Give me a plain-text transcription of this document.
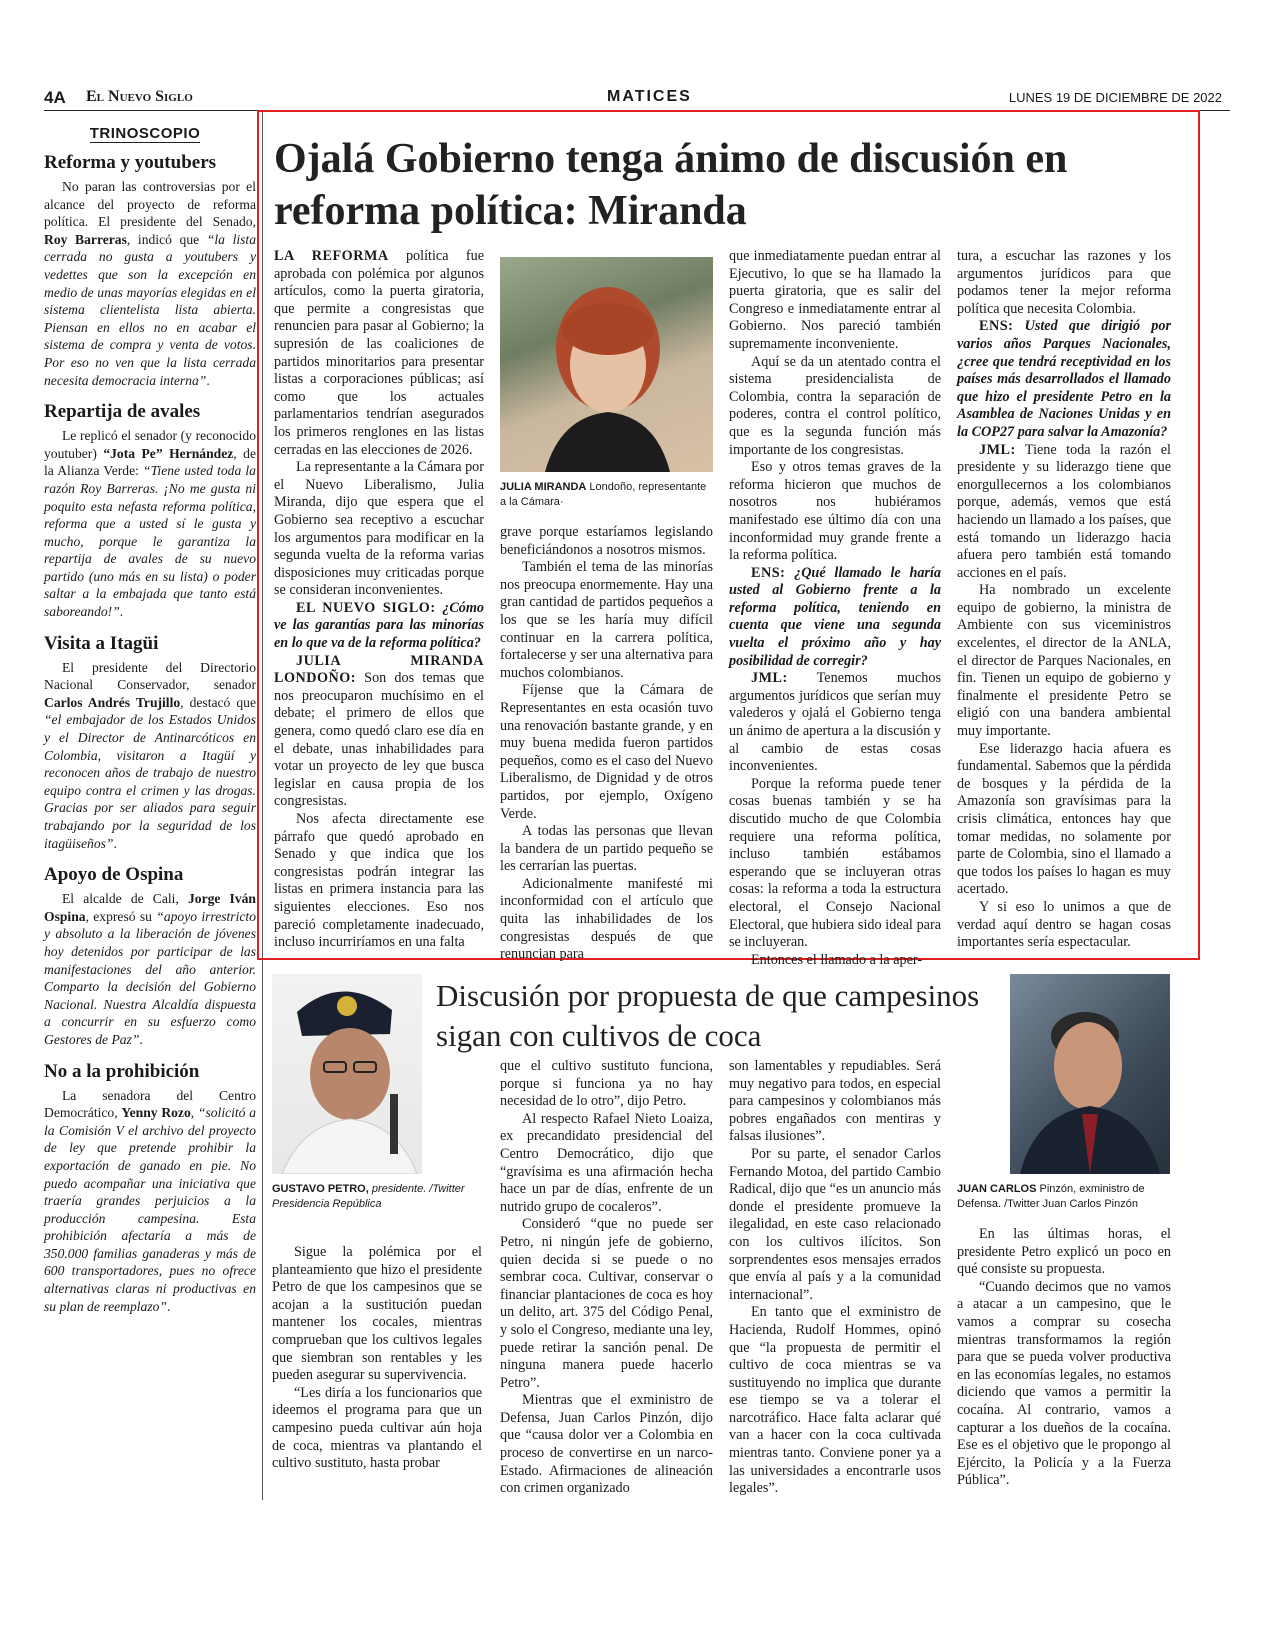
4A El Nuevo Siglo	MATICES	LUNES 19 DE DICIEMBRE DE 2022
TRINOSCOPIO
Reforma y youtubers

No paran las controversias por el alcance del proyecto de reforma política. El presidente del Senado, Roy Barreras, indicó que “la lista cerrada no gusta a youtubers y vedettes que son la excepción en medio de unas mayorías elegidas en el sistema clientelista lista abierta. Piensan en ellos no en acabar el sistema de compra y venta de votos. Por eso no ven que la lista cerrada necesita democracia interna”.

Repartija de avales

Le replicó el senador (y reconocido youtuber) “Jota Pe” Hernández, de la Alianza Verde: “Tiene usted toda la razón Roy Barreras. ¡No me gusta ni poquito esta nefasta reforma política, reforma que a usted sí le gusta y mucho, porque le garantiza la repartija de avales de su nuevo partido (uno más en su lista) o poder saltar a la embajada que tanto está saboreando!”.

Visita a Itagüi

El presidente del Directorio Nacional Conservador, senador Carlos Andrés Trujillo, destacó que “el embajador de los Estados Unidos y el Director de Antinarcóticos en Colombia, visitaron a Itagüí y reconocen años de trabajo de nuestro equipo contra el crimen y las drogas. Gracias por ser aliados para seguir trabajando por la seguridad de los itagüiseños”.

Apoyo de Ospina

El alcalde de Cali, Jorge Iván Ospina, expresó su “apoyo irrestricto y absoluto a la liberación de jóvenes hoy detenidos por participar de las manifestaciones del año anterior. Comparto la decisión del Gobierno Nacional. Nuestra Alcaldía dispuesta a concurrir en su esfuerzo como Gestores de Paz”.

No a la prohibición

La senadora del Centro Democrático, Yenny Rozo, “solicitó a la Comisión V el archivo del proyecto de ley que pretende prohibir la exportación de ganado en pie. No puedo acompañar una iniciativa que traería grandes perjuicios a la producción campesina. Esta prohibición afectaría a más de 350.000 familias ganaderas y más de 600 transportadores, pues no ofrece alternativas claras ni productivas en su plan de reemplazo”.

Ojalá Gobierno tenga ánimo de discusión en reforma política: Miranda

LA REFORMA política fue aprobada con polémica por algunos artículos, como la puerta giratoria, que permite a congresistas que renuncien para pasar al Gobierno; la supresión de las coaliciones de partidos minoritarios para presentar listas a corporaciones públicas; así como que los actuales parlamentarios tendrían asegurados los primeros renglones en las listas cerradas en las elecciones de 2026.

La representante a la Cámara por el Nuevo Liberalismo, Julia Miranda, dijo que espera que el Gobierno sea receptivo a escuchar los argumentos para modificar en la segunda vuelta de la reforma varias disposiciones muy criticadas porque se consideran inconvenientes.

EL NUEVO SIGLO: ¿Cómo ve las garantías para las minorías en lo que va de la reforma política?

JULIA MIRANDA LONDOÑO: Son dos temas que nos preocuparon muchísimo en el debate; el primero de ellos que genera, como quedó claro ese día en el debate, unas inhabilidades para votar un proyecto de ley que busca legislar en causa propia de los congresistas.

Nos afecta directamente ese párrafo que quedó aprobado en Senado y que indica que los congresistas podrán integrar las listas en primera instancia para las siguientes elecciones. Eso nos pareció completamente inadecuado, incluso incurriríamos en una falta

JULIA MIRANDA Londoño, representante a la Cámara·

grave porque estaríamos legislando beneficiándonos a nosotros mismos.

También el tema de las minorías nos preocupa enormemente. Hay una gran cantidad de partidos pequeños a los que se les haría muy difícil continuar en la carrera política, fortalecerse y ser una alternativa para muchos colombianos.

Fíjense que la Cámara de Representantes en esta ocasión tuvo una renovación bastante grande, y en muy buena medida fueron partidos pequeños, como es el caso del Nuevo Liberalismo, de Dignidad y de otros partidos, por ejemplo, Oxígeno Verde.

A todas las personas que llevan la bandera de un partido pequeño se les cerrarían las puertas.

Adicionalmente manifesté mi inconformidad con el artículo que quita las inhabilidades de los congresistas después de que renuncian para

que inmediatamente puedan entrar al Ejecutivo, lo que se ha llamado la puerta giratoria, que es salir del Congreso e inmediatamente entrar al Gobierno. Nos pareció también supremamente inconveniente.

Aquí se da un atentado contra el sistema presidencialista de Colombia, contra la separación de poderes, contra el control político, que es la segunda función más importante de los congresistas.

Eso y otros temas graves de la reforma hicieron que muchos de nosotros nos hubiéramos manifestado ese último día con una inconformidad muy grande frente a la reforma política.

ENS: ¿Qué llamado le haría usted al Gobierno frente a la reforma política, teniendo en cuenta que viene una segunda vuelta el próximo año y hay posibilidad de corregir?

JML: Tenemos muchos argumentos jurídicos que serían muy valederos y ojalá el Gobierno tenga un ánimo de apertura a la discusión y al cambio de estas cosas inconvenientes.

Porque la reforma puede tener cosas buenas también y se ha discutido mucho de que Colombia requiere una reforma política, incluso también estábamos esperando que se incluyeran otras cosas: la reforma a toda la estructura electoral, el Consejo Nacional Electoral, que hubiera sido ideal para se incluyeran.

Entonces el llamado a la aper-

tura, a escuchar las razones y los argumentos jurídicos para que podamos tener la mejor reforma política que necesita Colombia.

ENS: Usted que dirigió por varios años Parques Nacionales, ¿cree que tendrá receptividad en los países más desarrollados el llamado que hizo el presidente Petro en la Asamblea de Naciones Unidas y en la COP27 para salvar la Amazonía?

JML: Tiene toda la razón el presidente y su liderazgo tiene que enorgullecernos a los colombianos porque, además, vemos que está haciendo un llamado a los países, que está tomando un liderazgo hacia afuera pero también está tomando acciones en el país.

Ha nombrado un excelente equipo de gobierno, la ministra de Ambiente con sus viceministros excelentes, el director de la ANLA, el director de Parques Nacionales, en fin. Tienen un equipo de gobierno y finalmente el presidente Petro se eligió con una bandera ambiental muy importante.

Ese liderazgo hacia afuera es fundamental. Sabemos que la pérdida de bosques y la pérdida de la Amazonía son gravísimas para la crisis climática, entonces hay que tomar medidas, no solamente por parte de Colombia, sino el llamado a que todos los países lo hagan es muy acertado.

Y si eso lo unimos a que de verdad aquí dentro se hagan cosas importantes sería espectacular.

GUSTAVO PETRO, presidente. /Twitter Presidencia República
Discusión por propuesta de que campesinos sigan con cultivos de coca

Sigue la polémica por el planteamiento que hizo el presidente Petro de que los campesinos que se acojan a la sustitución puedan mantener los cocales, mientras comprueban que los cultivos legales que siembran son rentables y les pueden asegurar su supervivencia.

“Les diría a los funcionarios que ideemos el programa para que un campesino pueda cultivar aún hoja de coca, mientras va plantando el cultivo sustituto, hasta probar

que el cultivo sustituto funciona, porque si funciona ya no hay necesidad de lo otro”, dijo Petro.

Al respecto Rafael Nieto Loaiza, ex precandidato presidencial del Centro Democrático, dijo que “gravísima es una afirmación hecha hace un par de días, enfrente de un nutrido grupo de cocaleros”.

Consideró “que no puede ser Petro, ni ningún jefe de gobierno, quien decida si se puede o no sembrar coca. Cultivar, conservar o financiar plantaciones de coca es hoy un delito, art. 375 del Código Penal, y solo el Congreso, mediante una ley, puede retirar la sanción penal. De ninguna manera puede hacerlo Petro”.

Mientras que el exministro de Defensa, Juan Carlos Pinzón, dijo que “causa dolor ver a Colombia en proceso de convertirse en un narco-Estado. Afirmaciones de alineación con crimen organizado

son lamentables y repudiables. Será muy negativo para todos, en especial para campesinos y colombianos más pobres engañados con mentiras y falsas ilusiones”.

Por su parte, el senador Carlos Fernando Motoa, del partido Cambio Radical, dijo que “es un anuncio más donde el presidente promueve la ilegalidad, en este caso relacionado con los cultivos ilícitos. Son sorprendentes esos mensajes errados que envía al país y a la comunidad internacional”.

En tanto que el exministro de Hacienda, Rudolf Hommes, opinó que “la propuesta de permitir el cultivo de coca mientras se va sustituyendo no implica que durante ese tiempo se va a tolerar el narcotráfico. Hace falta aclarar qué van a hacer con la coca cultivada mientras tanto. Conviene poner ya a las universidades a encontrarle usos legales”.

JUAN CARLOS Pinzón, exministro de Defensa. /Twitter Juan Carlos Pinzón

En las últimas horas, el presidente Petro explicó un poco en qué consiste su propuesta.

“Cuando decimos que no vamos a atacar a un campesino, que le vamos a comprar su cosecha mientras transformamos la región para que se pueda volver productiva en las economías legales, no estamos diciendo que vamos a permitir la cocaína. Al contrario, vamos a capturar a los dueños de la cocaína. Ese es el objetivo que le propongo al Ejército, la Policía y a la Fuerza Pública”.
